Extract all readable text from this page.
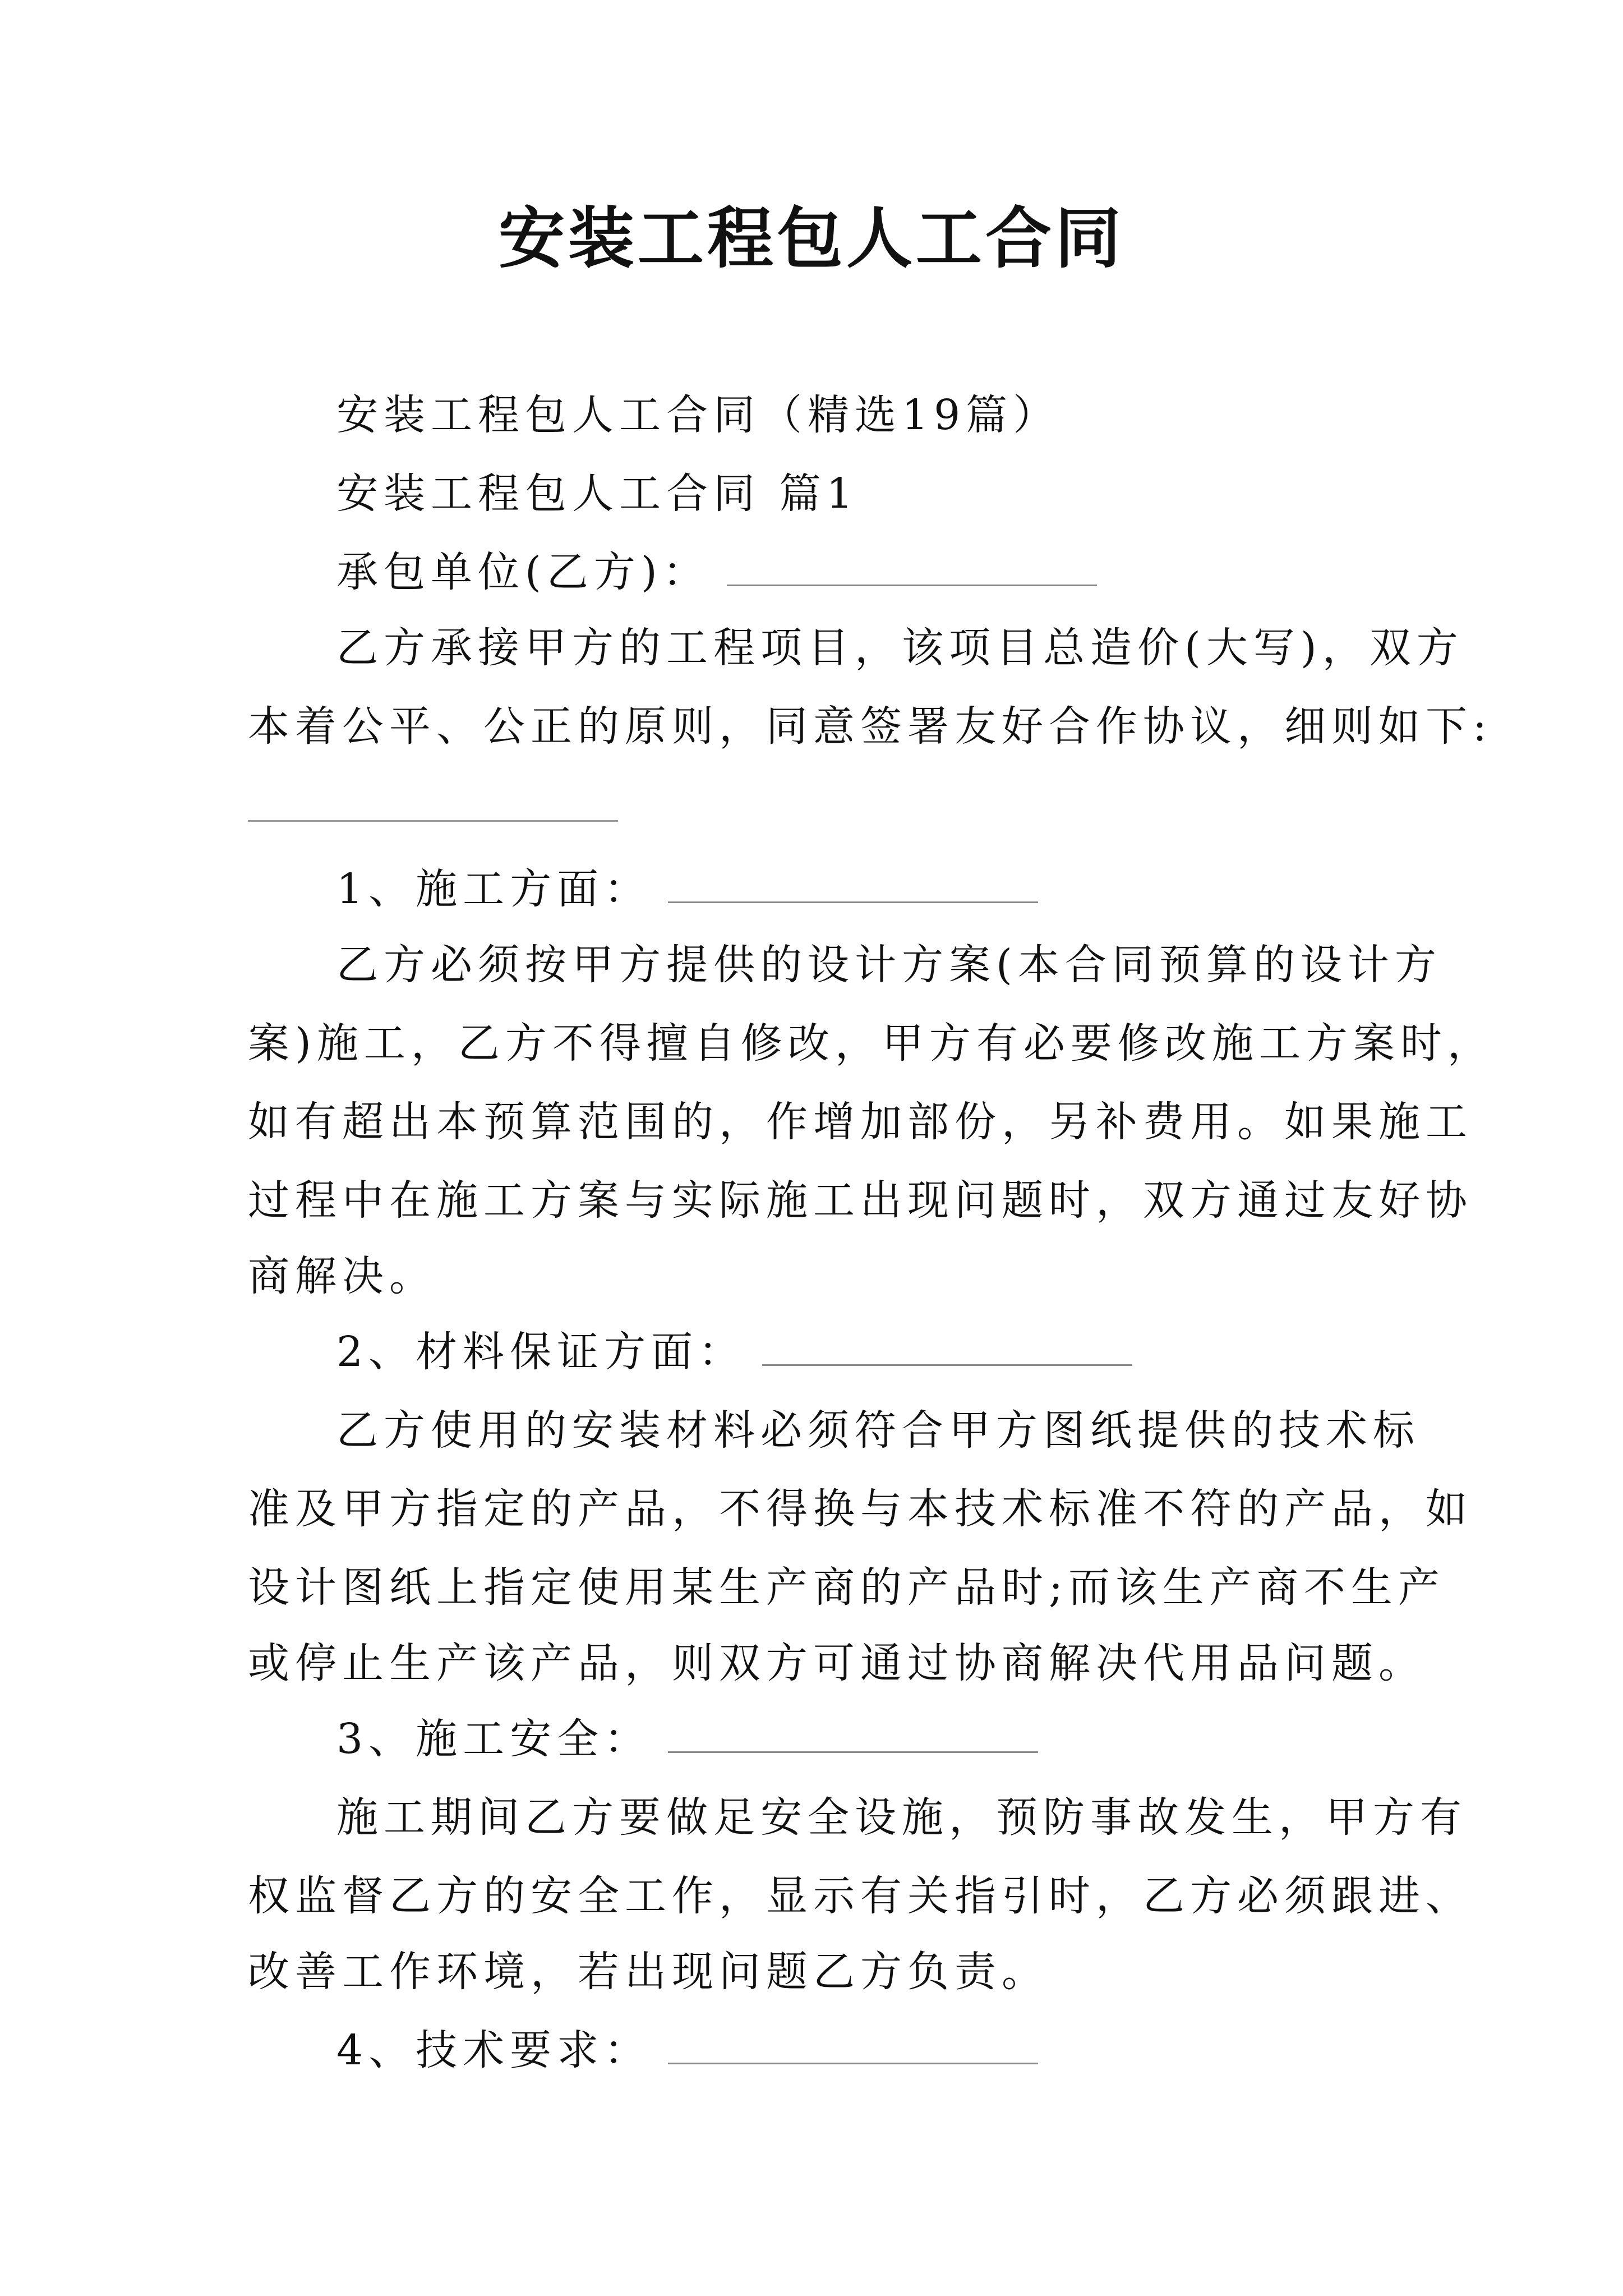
安装工程包人工合同
安装工程包人工合同（精选19篇）
安装工程包人工合同 篇1
承包单位(乙方)：
乙方承接甲方的工程项目，该项目总造价(大写)，双方
本着公平、公正的原则，同意签署友好合作协议，细则如下:
1、施工方面：
乙方必须按甲方提供的设计方案(本合同预算的设计方
案)施工，乙方不得擅自修改，甲方有必要修改施工方案时，
如有超出本预算范围的，作增加部份，另补费用。如果施工
过程中在施工方案与实际施工出现问题时，双方通过友好协
商解决。
2、材料保证方面：
乙方使用的安装材料必须符合甲方图纸提供的技术标
准及甲方指定的产品，不得换与本技术标准不符的产品，如
设计图纸上指定使用某生产商的产品时;而该生产商不生产
或停止生产该产品，则双方可通过协商解决代用品问题。
3、施工安全：
施工期间乙方要做足安全设施，预防事故发生，甲方有
权监督乙方的安全工作，显示有关指引时，乙方必须跟进、
改善工作环境，若出现问题乙方负责。
4、技术要求：
